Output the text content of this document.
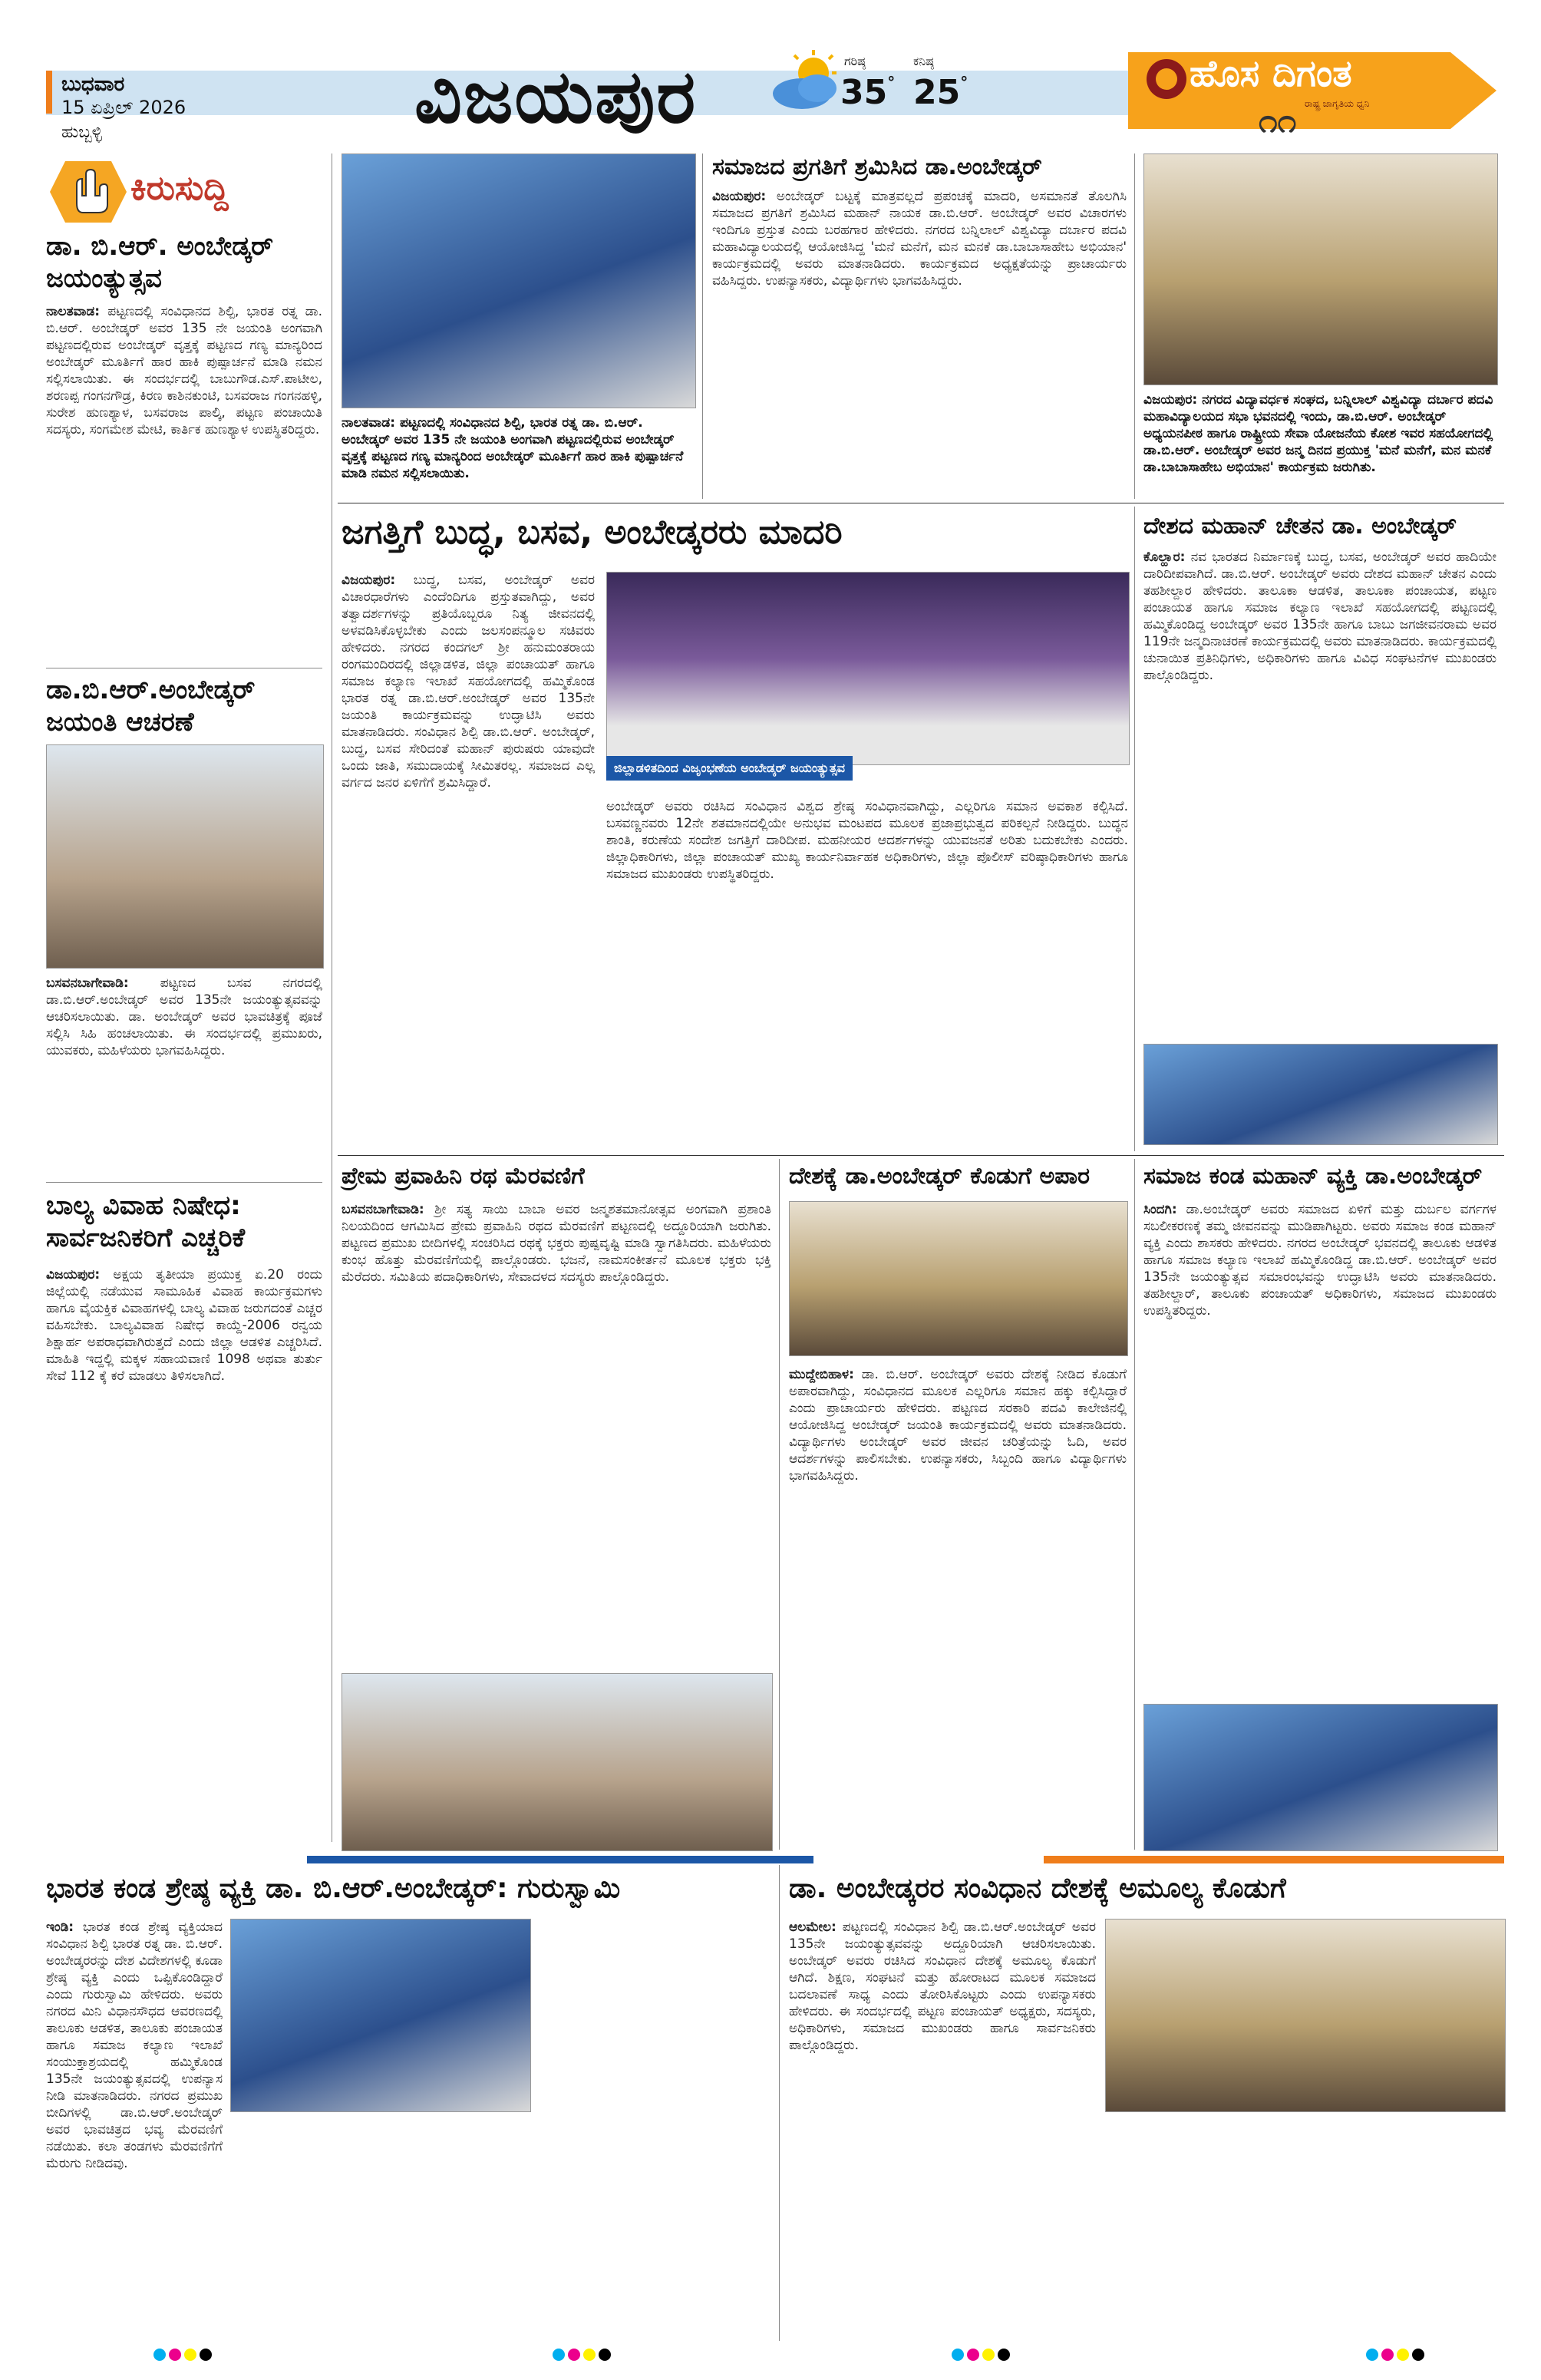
ಬುಧವಾರ
15 ಏಪ್ರಿಲ್ 2026
ಹುಬ್ಬಳ್ಳಿ	ವಿಜಯಪುರ	ಗರಿಷ್ಠ
35°
ಕನಿಷ್ಠ
25°	ಹೊಸ ದಿಗಂತ
ರಾಷ್ಟ್ರ ಜಾಗೃತಿಯ ಧ್ವನಿ
೧೧
ಕಿರುಸುದ್ದಿ
ಡಾ. ಬಿ.ಆರ್. ಅಂಬೇಡ್ಕರ್ ಜಯಂತ್ಯುತ್ಸವ
ನಾಲತವಾಡ: ಪಟ್ಟಣದಲ್ಲಿ ಸಂವಿಧಾನದ ಶಿಲ್ಪಿ, ಭಾರತ ರತ್ನ ಡಾ. ಬಿ.ಆರ್. ಅಂಬೇಡ್ಕರ್ ಅವರ 135 ನೇ ಜಯಂತಿ ಅಂಗವಾಗಿ ಪಟ್ಟಣದಲ್ಲಿರುವ ಅಂಬೇಡ್ಕರ್ ವೃತ್ತಕ್ಕೆ ಪಟ್ಟಣದ ಗಣ್ಯ ಮಾನ್ಯರಿಂದ ಅಂಬೇಡ್ಕರ್ ಮೂರ್ತಿಗೆ ಹಾರ ಹಾಕಿ ಪುಷ್ಪಾರ್ಚನೆ ಮಾಡಿ ನಮನ ಸಲ್ಲಿಸಲಾಯಿತು. ಈ ಸಂದರ್ಭದಲ್ಲಿ ಬಾಬುಗೌಡ.ಎಸ್.ಪಾಟೀಲ, ಶರಣಪ್ಪ ಗಂಗನಗೌಡ್ರ, ಕಿರಣ ಕಾಶಿನಕುಂಟಿ, ಬಸವರಾಜ ಗಂಗನಹಳ್ಳಿ, ಸುರೇಶ ಹುಣಶ್ಯಾಳ, ಬಸವರಾಜ ಪಾಲ್ಕಿ, ಪಟ್ಟಣ ಪಂಚಾಯಿತಿ ಸದಸ್ಯರು, ಸಂಗಮೇಶ ಮೇಟಿ, ಕಾರ್ತಿಕ ಹುಣಶ್ಯಾಳ ಉಪಸ್ಥಿತರಿದ್ದರು.
ಡಾ.ಬಿ.ಆರ್.ಅಂಬೇಡ್ಕರ್ ಜಯಂತಿ ಆಚರಣೆ
ಬಸವನಬಾಗೇವಾಡಿ: ಪಟ್ಟಣದ ಬಸವ ನಗರದಲ್ಲಿ ಡಾ.ಬಿ.ಆರ್.ಅಂಬೇಡ್ಕರ್ ಅವರ 135ನೇ ಜಯಂತ್ಯುತ್ಸವವನ್ನು ಆಚರಿಸಲಾಯಿತು. ಡಾ. ಅಂಬೇಡ್ಕರ್ ಅವರ ಭಾವಚಿತ್ರಕ್ಕೆ ಪೂಜೆ ಸಲ್ಲಿಸಿ ಸಿಹಿ ಹಂಚಲಾಯಿತು. ಈ ಸಂದರ್ಭದಲ್ಲಿ ಪ್ರಮುಖರು, ಯುವಕರು, ಮಹಿಳೆಯರು ಭಾಗವಹಿಸಿದ್ದರು.
ಬಾಲ್ಯ ವಿವಾಹ ನಿಷೇಧ: ಸಾರ್ವಜನಿಕರಿಗೆ ಎಚ್ಚರಿಕೆ
ವಿಜಯಪುರ: ಅಕ್ಷಯ ತೃತೀಯಾ ಪ್ರಯುಕ್ತ ಏ.20 ರಂದು ಜಿಲ್ಲೆಯಲ್ಲಿ ನಡೆಯುವ ಸಾಮೂಹಿಕ ವಿವಾಹ ಕಾರ್ಯಕ್ರಮಗಳು ಹಾಗೂ ವೈಯಕ್ತಿಕ ವಿವಾಹಗಳಲ್ಲಿ ಬಾಲ್ಯ ವಿವಾಹ ಜರುಗದಂತೆ ಎಚ್ಚರ ವಹಿಸಬೇಕು. ಬಾಲ್ಯವಿವಾಹ ನಿಷೇಧ ಕಾಯ್ದೆ-2006 ರನ್ವಯ ಶಿಕ್ಷಾರ್ಹ ಅಪರಾಧವಾಗಿರುತ್ತದೆ ಎಂದು ಜಿಲ್ಲಾ ಆಡಳಿತ ಎಚ್ಚರಿಸಿದೆ. ಮಾಹಿತಿ ಇದ್ದಲ್ಲಿ ಮಕ್ಕಳ ಸಹಾಯವಾಣಿ 1098 ಅಥವಾ ತುರ್ತು ಸೇವೆ 112 ಕ್ಕೆ ಕರೆ ಮಾಡಲು ತಿಳಿಸಲಾಗಿದೆ.
ನಾಲತವಾಡ: ಪಟ್ಟಣದಲ್ಲಿ ಸಂವಿಧಾನದ ಶಿಲ್ಪಿ, ಭಾರತ ರತ್ನ ಡಾ. ಬಿ.ಆರ್. ಅಂಬೇಡ್ಕರ್ ಅವರ 135 ನೇ ಜಯಂತಿ ಅಂಗವಾಗಿ ಪಟ್ಟಣದಲ್ಲಿರುವ ಅಂಬೇಡ್ಕರ್ ವೃತ್ತಕ್ಕೆ ಪಟ್ಟಣದ ಗಣ್ಯ ಮಾನ್ಯರಿಂದ ಅಂಬೇಡ್ಕರ್ ಮೂರ್ತಿಗೆ ಹಾರ ಹಾಕಿ ಪುಷ್ಪಾರ್ಚನೆ ಮಾಡಿ ನಮನ ಸಲ್ಲಿಸಲಾಯಿತು.
ಸಮಾಜದ ಪ್ರಗತಿಗೆ ಶ್ರಮಿಸಿದ ಡಾ.ಅಂಬೇಡ್ಕರ್
ವಿಜಯಪುರ: ಅಂಬೇಡ್ಕರ್ ಬಟ್ಟಕ್ಕೆ ಮಾತ್ರವಲ್ಲದೆ ಪ್ರಪಂಚಕ್ಕೆ ಮಾದರಿ, ಅಸಮಾನತೆ ತೊಲಗಿಸಿ ಸಮಾಜದ ಪ್ರಗತಿಗೆ ಶ್ರಮಿಸಿದ ಮಹಾನ್ ನಾಯಕ ಡಾ.ಬಿ.ಆರ್. ಅಂಬೇಡ್ಕರ್ ಅವರ ವಿಚಾರಗಳು ಇಂದಿಗೂ ಪ್ರಸ್ತುತ ಎಂದು ಬರಹಗಾರ ಹೇಳಿದರು. ನಗರದ ಬನ್ನಿಲಾಲ್ ವಿಶ್ವವಿದ್ಯಾ ದರ್ಬಾರ ಪದವಿ ಮಹಾವಿದ್ಯಾಲಯದಲ್ಲಿ ಆಯೋಜಿಸಿದ್ದ 'ಮನೆ ಮನೆಗೆ, ಮನ ಮನಕೆ ಡಾ.ಬಾಬಾಸಾಹೇಬ ಅಭಿಯಾನ' ಕಾರ್ಯಕ್ರಮದಲ್ಲಿ ಅವರು ಮಾತನಾಡಿದರು. ಕಾರ್ಯಕ್ರಮದ ಅಧ್ಯಕ್ಷತೆಯನ್ನು ಪ್ರಾಚಾರ್ಯರು ವಹಿಸಿದ್ದರು. ಉಪನ್ಯಾಸಕರು, ವಿದ್ಯಾರ್ಥಿಗಳು ಭಾಗವಹಿಸಿದ್ದರು.
ವಿಜಯಪುರ: ನಗರದ ವಿದ್ಯಾವರ್ಧಕ ಸಂಘದ, ಬನ್ನಿಲಾಲ್ ವಿಶ್ವವಿದ್ಯಾ ದರ್ಬಾರ ಪದವಿ ಮಹಾವಿದ್ಯಾಲಯದ ಸಭಾ ಭವನದಲ್ಲಿ ಇಂದು, ಡಾ.ಬಿ.ಆರ್. ಅಂಬೇಡ್ಕರ್ ಅಧ್ಯಯನಪೀಠ ಹಾಗೂ ರಾಷ್ಟ್ರೀಯ ಸೇವಾ ಯೋಜನೆಯ ಕೋಶ ಇವರ ಸಹಯೋಗದಲ್ಲಿ ಡಾ.ಬಿ.ಆರ್. ಅಂಬೇಡ್ಕರ್ ಅವರ ಜನ್ಮ ದಿನದ ಪ್ರಯುಕ್ತ 'ಮನೆ ಮನೆಗೆ, ಮನ ಮನಕೆ ಡಾ.ಬಾಬಾಸಾಹೇಬ ಅಭಿಯಾನ' ಕಾರ್ಯಕ್ರಮ ಜರುಗಿತು.
ಜಗತ್ತಿಗೆ ಬುದ್ಧ, ಬಸವ, ಅಂಬೇಡ್ಕರರು ಮಾದರಿ
ವಿಜಯಪುರ: ಬುದ್ಧ, ಬಸವ, ಅಂಬೇಡ್ಕರ್ ಅವರ ವಿಚಾರಧಾರೆಗಳು ಎಂದೆಂದಿಗೂ ಪ್ರಸ್ತುತವಾಗಿದ್ದು, ಅವರ ತತ್ವಾದರ್ಶಗಳನ್ನು ಪ್ರತಿಯೊಬ್ಬರೂ ನಿತ್ಯ ಜೀವನದಲ್ಲಿ ಅಳವಡಿಸಿಕೊಳ್ಳಬೇಕು ಎಂದು ಜಲಸಂಪನ್ಮೂಲ ಸಚಿವರು ಹೇಳಿದರು. ನಗರದ ಕಂದಗಲ್ ಶ್ರೀ ಹನುಮಂತರಾಯ ರಂಗಮಂದಿರದಲ್ಲಿ ಜಿಲ್ಲಾಡಳಿತ, ಜಿಲ್ಲಾ ಪಂಚಾಯತ್ ಹಾಗೂ ಸಮಾಜ ಕಲ್ಯಾಣ ಇಲಾಖೆ ಸಹಯೋಗದಲ್ಲಿ ಹಮ್ಮಿಕೊಂಡ ಭಾರತ ರತ್ನ ಡಾ.ಬಿ.ಆರ್.ಅಂಬೇಡ್ಕರ್ ಅವರ 135ನೇ ಜಯಂತಿ ಕಾರ್ಯಕ್ರಮವನ್ನು ಉದ್ಘಾಟಿಸಿ ಅವರು ಮಾತನಾಡಿದರು. ಸಂವಿಧಾನ ಶಿಲ್ಪಿ ಡಾ.ಬಿ.ಆರ್. ಅಂಬೇಡ್ಕರ್, ಬುದ್ಧ, ಬಸವ ಸೇರಿದಂತೆ ಮಹಾನ್ ಪುರುಷರು ಯಾವುದೇ ಒಂದು ಜಾತಿ, ಸಮುದಾಯಕ್ಕೆ ಸೀಮಿತರಲ್ಲ. ಸಮಾಜದ ಎಲ್ಲ ವರ್ಗದ ಜನರ ಏಳಿಗೆಗೆ ಶ್ರಮಿಸಿದ್ದಾರೆ.
ಜಿಲ್ಲಾಡಳಿತದಿಂದ ವಿಜೃಂಭಣೆಯ ಅಂಬೇಡ್ಕರ್ ಜಯಂತ್ಯುತ್ಸವ
ಅಂಬೇಡ್ಕರ್ ಅವರು ರಚಿಸಿದ ಸಂವಿಧಾನ ವಿಶ್ವದ ಶ್ರೇಷ್ಠ ಸಂವಿಧಾನವಾಗಿದ್ದು, ಎಲ್ಲರಿಗೂ ಸಮಾನ ಅವಕಾಶ ಕಲ್ಪಿಸಿದೆ. ಬಸವಣ್ಣನವರು 12ನೇ ಶತಮಾನದಲ್ಲಿಯೇ ಅನುಭವ ಮಂಟಪದ ಮೂಲಕ ಪ್ರಜಾಪ್ರಭುತ್ವದ ಪರಿಕಲ್ಪನೆ ನೀಡಿದ್ದರು. ಬುದ್ಧನ ಶಾಂತಿ, ಕರುಣೆಯ ಸಂದೇಶ ಜಗತ್ತಿಗೆ ದಾರಿದೀಪ. ಮಹನೀಯರ ಆದರ್ಶಗಳನ್ನು ಯುವಜನತೆ ಅರಿತು ಬದುಕಬೇಕು ಎಂದರು. ಜಿಲ್ಲಾಧಿಕಾರಿಗಳು, ಜಿಲ್ಲಾ ಪಂಚಾಯತ್ ಮುಖ್ಯ ಕಾರ್ಯನಿರ್ವಾಹಕ ಅಧಿಕಾರಿಗಳು, ಜಿಲ್ಲಾ ಪೊಲೀಸ್ ವರಿಷ್ಠಾಧಿಕಾರಿಗಳು ಹಾಗೂ ಸಮಾಜದ ಮುಖಂಡರು ಉಪಸ್ಥಿತರಿದ್ದರು.
ದೇಶದ ಮಹಾನ್ ಚೇತನ ಡಾ. ಅಂಬೇಡ್ಕರ್
ಕೊಲ್ಹಾರ: ನವ ಭಾರತದ ನಿರ್ಮಾಣಕ್ಕೆ ಬುದ್ಧ, ಬಸವ, ಅಂಬೇಡ್ಕರ್ ಅವರ ಹಾದಿಯೇ ದಾರಿದೀಪವಾಗಿದೆ. ಡಾ.ಬಿ.ಆರ್. ಅಂಬೇಡ್ಕರ್ ಅವರು ದೇಶದ ಮಹಾನ್ ಚೇತನ ಎಂದು ತಹಶೀಲ್ದಾರ ಹೇಳಿದರು. ತಾಲೂಕಾ ಆಡಳಿತ, ತಾಲೂಕಾ ಪಂಚಾಯತ, ಪಟ್ಟಣ ಪಂಚಾಯತ ಹಾಗೂ ಸಮಾಜ ಕಲ್ಯಾಣ ಇಲಾಖೆ ಸಹಯೋಗದಲ್ಲಿ ಪಟ್ಟಣದಲ್ಲಿ ಹಮ್ಮಿಕೊಂಡಿದ್ದ ಅಂಬೇಡ್ಕರ್ ಅವರ 135ನೇ ಹಾಗೂ ಬಾಬು ಜಗಜೀವನರಾಮ ಅವರ 119ನೇ ಜನ್ಮದಿನಾಚರಣೆ ಕಾರ್ಯಕ್ರಮದಲ್ಲಿ ಅವರು ಮಾತನಾಡಿದರು. ಕಾರ್ಯಕ್ರಮದಲ್ಲಿ ಚುನಾಯಿತ ಪ್ರತಿನಿಧಿಗಳು, ಅಧಿಕಾರಿಗಳು ಹಾಗೂ ವಿವಿಧ ಸಂಘಟನೆಗಳ ಮುಖಂಡರು ಪಾಲ್ಗೊಂಡಿದ್ದರು.
ಪ್ರೇಮ ಪ್ರವಾಹಿನಿ ರಥ ಮೆರವಣಿಗೆ
ಬಸವನಬಾಗೇವಾಡಿ: ಶ್ರೀ ಸತ್ಯ ಸಾಯಿ ಬಾಬಾ ಅವರ ಜನ್ಮಶತಮಾನೋತ್ಸವ ಅಂಗವಾಗಿ ಪ್ರಶಾಂತಿ ನಿಲಯದಿಂದ ಆಗಮಿಸಿದ ಪ್ರೇಮ ಪ್ರವಾಹಿನಿ ರಥದ ಮೆರವಣಿಗೆ ಪಟ್ಟಣದಲ್ಲಿ ಅದ್ದೂರಿಯಾಗಿ ಜರುಗಿತು. ಪಟ್ಟಣದ ಪ್ರಮುಖ ಬೀದಿಗಳಲ್ಲಿ ಸಂಚರಿಸಿದ ರಥಕ್ಕೆ ಭಕ್ತರು ಪುಷ್ಪವೃಷ್ಟಿ ಮಾಡಿ ಸ್ವಾಗತಿಸಿದರು. ಮಹಿಳೆಯರು ಕುಂಭ ಹೊತ್ತು ಮೆರವಣಿಗೆಯಲ್ಲಿ ಪಾಲ್ಗೊಂಡರು. ಭಜನೆ, ನಾಮಸಂಕೀರ್ತನೆ ಮೂಲಕ ಭಕ್ತರು ಭಕ್ತಿ ಮೆರೆದರು. ಸಮಿತಿಯ ಪದಾಧಿಕಾರಿಗಳು, ಸೇವಾದಳದ ಸದಸ್ಯರು ಪಾಲ್ಗೊಂಡಿದ್ದರು.
ದೇಶಕ್ಕೆ ಡಾ.ಅಂಬೇಡ್ಕರ್ ಕೊಡುಗೆ ಅಪಾರ
ಮುದ್ದೇಬಿಹಾಳ: ಡಾ. ಬಿ.ಆರ್. ಅಂಬೇಡ್ಕರ್ ಅವರು ದೇಶಕ್ಕೆ ನೀಡಿದ ಕೊಡುಗೆ ಅಪಾರವಾಗಿದ್ದು, ಸಂವಿಧಾನದ ಮೂಲಕ ಎಲ್ಲರಿಗೂ ಸಮಾನ ಹಕ್ಕು ಕಲ್ಪಿಸಿದ್ದಾರೆ ಎಂದು ಪ್ರಾಚಾರ್ಯರು ಹೇಳಿದರು. ಪಟ್ಟಣದ ಸರಕಾರಿ ಪದವಿ ಕಾಲೇಜಿನಲ್ಲಿ ಆಯೋಜಿಸಿದ್ದ ಅಂಬೇಡ್ಕರ್ ಜಯಂತಿ ಕಾರ್ಯಕ್ರಮದಲ್ಲಿ ಅವರು ಮಾತನಾಡಿದರು. ವಿದ್ಯಾರ್ಥಿಗಳು ಅಂಬೇಡ್ಕರ್ ಅವರ ಜೀವನ ಚರಿತ್ರೆಯನ್ನು ಓದಿ, ಅವರ ಆದರ್ಶಗಳನ್ನು ಪಾಲಿಸಬೇಕು. ಉಪನ್ಯಾಸಕರು, ಸಿಬ್ಬಂದಿ ಹಾಗೂ ವಿದ್ಯಾರ್ಥಿಗಳು ಭಾಗವಹಿಸಿದ್ದರು.
ಸಮಾಜ ಕಂಡ ಮಹಾನ್ ವ್ಯಕ್ತಿ ಡಾ.ಅಂಬೇಡ್ಕರ್
ಸಿಂದಗಿ: ಡಾ.ಅಂಬೇಡ್ಕರ್ ಅವರು ಸಮಾಜದ ಏಳಿಗೆ ಮತ್ತು ದುರ್ಬಲ ವರ್ಗಗಳ ಸಬಲೀಕರಣಕ್ಕೆ ತಮ್ಮ ಜೀವನವನ್ನು ಮುಡಿಪಾಗಿಟ್ಟರು. ಅವರು ಸಮಾಜ ಕಂಡ ಮಹಾನ್ ವ್ಯಕ್ತಿ ಎಂದು ಶಾಸಕರು ಹೇಳಿದರು. ನಗರದ ಅಂಬೇಡ್ಕರ್ ಭವನದಲ್ಲಿ ತಾಲೂಕು ಆಡಳಿತ ಹಾಗೂ ಸಮಾಜ ಕಲ್ಯಾಣ ಇಲಾಖೆ ಹಮ್ಮಿಕೊಂಡಿದ್ದ ಡಾ.ಬಿ.ಆರ್. ಅಂಬೇಡ್ಕರ್ ಅವರ 135ನೇ ಜಯಂತ್ಯುತ್ಸವ ಸಮಾರಂಭವನ್ನು ಉದ್ಘಾಟಿಸಿ ಅವರು ಮಾತನಾಡಿದರು. ತಹಶೀಲ್ದಾರ್, ತಾಲೂಕು ಪಂಚಾಯತ್ ಅಧಿಕಾರಿಗಳು, ಸಮಾಜದ ಮುಖಂಡರು ಉಪಸ್ಥಿತರಿದ್ದರು.
ಭಾರತ ಕಂಡ ಶ್ರೇಷ್ಠ ವ್ಯಕ್ತಿ ಡಾ. ಬಿ.ಆರ್.ಅಂಬೇಡ್ಕರ್: ಗುರುಸ್ವಾಮಿ
ಇಂಡಿ: ಭಾರತ ಕಂಡ ಶ್ರೇಷ್ಠ ವ್ಯಕ್ತಿಯಾದ ಸಂವಿಧಾನ ಶಿಲ್ಪಿ ಭಾರತ ರತ್ನ ಡಾ. ಬಿ.ಆರ್. ಅಂಬೇಡ್ಕರರನ್ನು ದೇಶ ವಿದೇಶಗಳಲ್ಲಿ ಕೂಡಾ ಶ್ರೇಷ್ಠ ವ್ಯಕ್ತಿ ಎಂದು ಒಪ್ಪಿಕೊಂಡಿದ್ದಾರೆ ಎಂದು ಗುರುಸ್ವಾಮಿ ಹೇಳಿದರು. ಅವರು ನಗರದ ಮಿನಿ ವಿಧಾನಸೌಧದ ಆವರಣದಲ್ಲಿ ತಾಲೂಕು ಆಡಳಿತ, ತಾಲೂಕು ಪಂಚಾಯತ ಹಾಗೂ ಸಮಾಜ ಕಲ್ಯಾಣ ಇಲಾಖೆ ಸಂಯುಕ್ತಾಶ್ರಯದಲ್ಲಿ ಹಮ್ಮಿಕೊಂಡ 135ನೇ ಜಯಂತ್ಯುತ್ಸವದಲ್ಲಿ ಉಪನ್ಯಾಸ ನೀಡಿ ಮಾತನಾಡಿದರು. ನಗರದ ಪ್ರಮುಖ ಬೀದಿಗಳಲ್ಲಿ ಡಾ.ಬಿ.ಆರ್.ಅಂಬೇಡ್ಕರ್ ಅವರ ಭಾವಚಿತ್ರದ ಭವ್ಯ ಮೆರವಣಿಗೆ ನಡೆಯಿತು. ಕಲಾ ತಂಡಗಳು ಮೆರವಣಿಗೆಗೆ ಮೆರುಗು ನೀಡಿದವು.
ಡಾ. ಅಂಬೇಡ್ಕರರ ಸಂವಿಧಾನ ದೇಶಕ್ಕೆ ಅಮೂಲ್ಯ ಕೊಡುಗೆ
ಆಲಮೇಲ: ಪಟ್ಟಣದಲ್ಲಿ ಸಂವಿಧಾನ ಶಿಲ್ಪಿ ಡಾ.ಬಿ.ಆರ್.ಅಂಬೇಡ್ಕರ್ ಅವರ 135ನೇ ಜಯಂತ್ಯುತ್ಸವವನ್ನು ಅದ್ದೂರಿಯಾಗಿ ಆಚರಿಸಲಾಯಿತು. ಅಂಬೇಡ್ಕರ್ ಅವರು ರಚಿಸಿದ ಸಂವಿಧಾನ ದೇಶಕ್ಕೆ ಅಮೂಲ್ಯ ಕೊಡುಗೆ ಆಗಿದೆ. ಶಿಕ್ಷಣ, ಸಂಘಟನೆ ಮತ್ತು ಹೋರಾಟದ ಮೂಲಕ ಸಮಾಜದ ಬದಲಾವಣೆ ಸಾಧ್ಯ ಎಂದು ತೋರಿಸಿಕೊಟ್ಟರು ಎಂದು ಉಪನ್ಯಾಸಕರು ಹೇಳಿದರು. ಈ ಸಂದರ್ಭದಲ್ಲಿ ಪಟ್ಟಣ ಪಂಚಾಯತ್ ಅಧ್ಯಕ್ಷರು, ಸದಸ್ಯರು, ಅಧಿಕಾರಿಗಳು, ಸಮಾಜದ ಮುಖಂಡರು ಹಾಗೂ ಸಾರ್ವಜನಿಕರು ಪಾಲ್ಗೊಂಡಿದ್ದರು.
